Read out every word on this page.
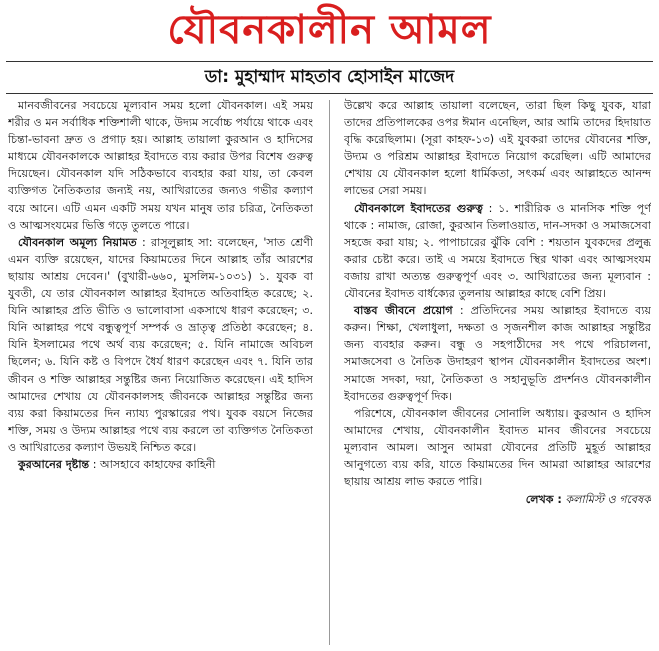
যৌবনকালীন আমল
ডা: মুহাম্মাদ মাহতাব হোসাইন মাজেদ

মানবজীবনের সবচেয়ে মূল্যবান সময় হলো যৌবনকাল। এই সময় শরীর ও মন সর্বাধিক শক্তিশালী থাকে, উদ্যম সর্বোচ্চ পর্যায়ে থাকে এবং চিন্তা-ভাবনা দ্রুত ও প্রগাঢ় হয়। আল্লাহ তায়ালা কুরআন ও হাদিসের মাধ্যমে যৌবনকালকে আল্লাহর ইবাদতে ব্যয় করার উপর বিশেষ গুরুত্ব দিয়েছেন। যৌবনকাল যদি সঠিকভাবে ব্যবহার করা যায়, তা কেবল ব্যক্তিগত নৈতিকতার জন্যই নয়, আখিরাতের জন্যও গভীর কল্যাণ বয়ে আনে। এটি এমন একটি সময় যখন মানুষ তার চরিত্র, নৈতিকতা ও আত্মসংযমের ভিত্তি গড়ে তুলতে পারে।

যৌবনকাল অমূল্য নিয়ামত : রাসূলুল্লাহ সা: বলেছেন, 'সাত শ্রেণী এমন ব্যক্তি রয়েছেন, যাদের কিয়ামতের দিনে আল্লাহ তাঁর আরশের ছায়ায় আশ্রয় দেবেন।' (বুখারী-৬৬০, মুসলিম-১০৩১) ১. যুবক বা যুবতী, যে তার যৌবনকাল আল্লাহর ইবাদতে অতিবাহিত করেছে; ২. যিনি আল্লাহর প্রতি ভীতি ও ভালোবাসা একসাথে ধারণ করেছেন; ৩. যিনি আল্লাহর পথে বন্ধুত্বপূর্ণ সম্পর্ক ও ভ্রাতৃত্ব প্রতিষ্ঠা করেছেন; ৪. যিনি ইসলামের পথে অর্থ ব্যয় করেছেন; ৫. যিনি নামাজে অবিচল ছিলেন; ৬. যিনি কষ্ট ও বিপদে ধৈর্য ধারণ করেছেন এবং ৭. যিনি তার জীবন ও শক্তি আল্লাহর সন্তুষ্টির জন্য নিয়োজিত করেছেন। এই হাদিস আমাদের শেখায় যে যৌবনকালসহ জীবনকে আল্লাহর সন্তুষ্টির জন্য ব্যয় করা কিয়ামতের দিন ন্যায্য পুরস্কারের পথ। যুবক বয়সে নিজের শক্তি, সময় ও উদ্যম আল্লাহর পথে ব্যয় করলে তা ব্যক্তিগত নৈতিকতা ও আখিরাতের কল্যাণ উভয়ই নিশ্চিত করে।

কুরআনের দৃষ্টান্ত : আসহাবে কাহাফের কাহিনী

উল্লেখ করে আল্লাহ তায়ালা বলেছেন, তারা ছিল কিছু যুবক, যারা তাদের প্রতিপালকের ওপর ঈমান এনেছিল, আর আমি তাদের হিদায়াত বৃদ্ধি করেছিলাম। (সূরা কাহফ-১৩) এই যুবকরা তাদের যৌবনের শক্তি, উদ্যম ও পরিশ্রম আল্লাহর ইবাদতে নিয়োগ করেছিল। এটি আমাদের শেখায় যে যৌবনকাল হলো ধার্মিকতা, সৎকর্ম এবং আল্লাহতে আনন্দ লাভের সেরা সময়।

যৌবনকালে ইবাদতের গুরুত্ব : ১. শারীরিক ও মানসিক শক্তি পূর্ণ থাকে : নামাজ, রোজা, কুরআন তিলাওয়াত, দান-সদকা ও সমাজসেবা সহজে করা যায়; ২. পাপাচারের ঝুঁকি বেশি : শয়তান যুবকদের প্রলুব্ধ করার চেষ্টা করে। তাই এ সময়ে ইবাদতে স্থির থাকা এবং আত্মসংযম বজায় রাখা অত্যন্ত গুরুত্বপূর্ণ এবং ৩. আখিরাতের জন্য মূল্যবান : যৌবনের ইবাদত বার্ধক্যের তুলনায় আল্লাহর কাছে বেশি প্রিয়।

বাস্তব জীবনে প্রয়োগ : প্রতিদিনের সময় আল্লাহর ইবাদতে ব্যয় করুন। শিক্ষা, খেলাধুলা, দক্ষতা ও সৃজনশীল কাজ আল্লাহর সন্তুষ্টির জন্য ব্যবহার করুন। বন্ধু ও সহপাঠীদের সৎ পথে পরিচালনা, সমাজসেবা ও নৈতিক উদাহরণ স্থাপন যৌবনকালীন ইবাদতের অংশ। সমাজে সদকা, দয়া, নৈতিকতা ও সহানুভূতি প্রদর্শনও যৌবনকালীন ইবাদতের গুরুত্বপূর্ণ দিক।

পরিশেষে, যৌবনকাল জীবনের সোনালি অধ্যায়। কুরআন ও হাদিস আমাদের শেখায়, যৌবনকালীন ইবাদত মানব জীবনের সবচেয়ে মূল্যবান আমল। আসুন আমরা যৌবনের প্রতিটি মুহূর্ত আল্লাহর আনুগত্যে ব্যয় করি, যাতে কিয়ামতের দিন আমরা আল্লাহর আরশের ছায়ায় আশ্রয় লাভ করতে পারি।

লেখক : কলামিস্ট ও গবেষক
